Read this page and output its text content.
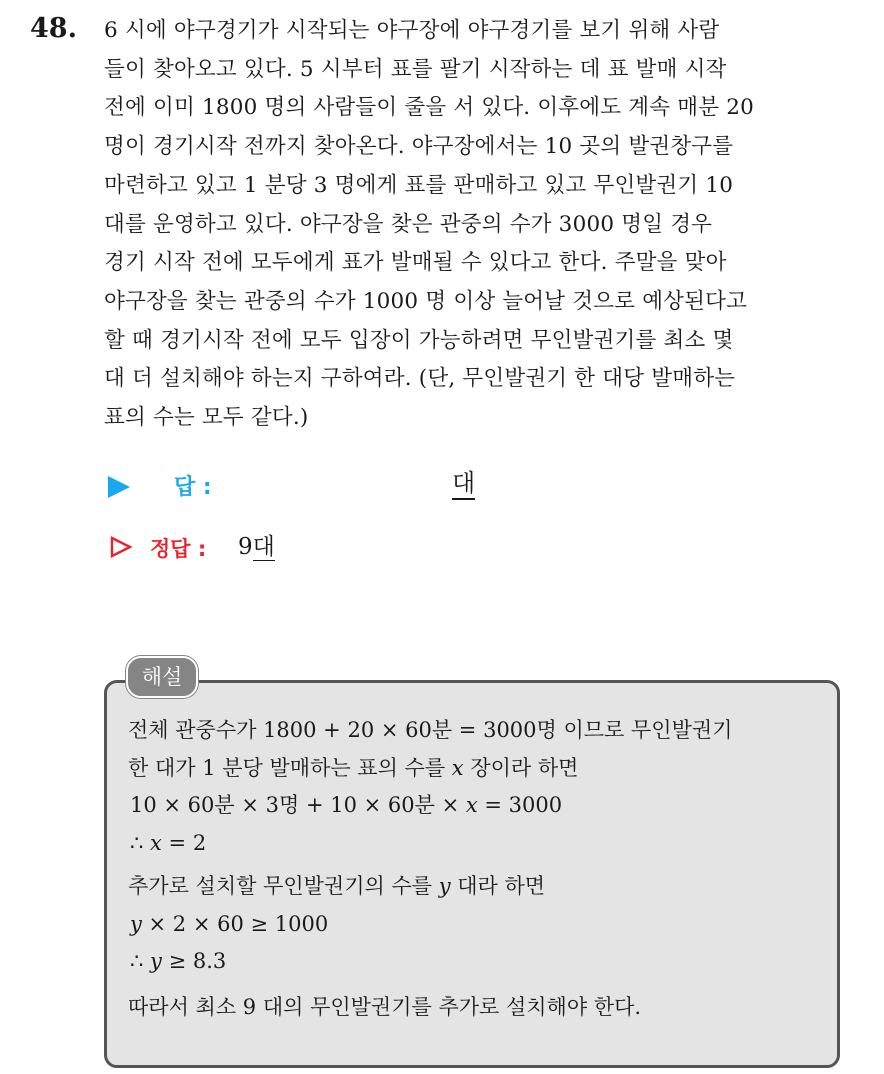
48. 6 시에 야구경기가 시작되는 야구장에 야구경기를 보기 위해 사람
들이 찾아오고 있다. 5 시부터 표를 팔기 시작하는 데 표 발매 시작
전에 이미 1800 명의 사람들이 줄을 서 있다. 이후에도 계속 매분 20
명이 경기시작 전까지 찾아온다. 야구장에서는 10 곳의 발권창구를
마련하고 있고 1 분당 3 명에게 표를 판매하고 있고 무인발권기 10
대를 운영하고 있다. 야구장을 찾은 관중의 수가 3000 명일 경우
경기 시작 전에 모두에게 표가 발매될 수 있다고 한다. 주말을 맞아
야구장을 찾는 관중의 수가 1000 명 이상 늘어날 것으로 예상된다고
할 때 경기시작 전에 모두 입장이 가능하려면 무인발권기를 최소 몇
대 더 설치해야 하는지 구하여라. (단, 무인발권기 한 대당 발매하는
표의 수는 모두 같다.)
답 :	대
정답 : 9대
해설
전체 관중수가 1800 + 20 × 60분 = 3000명 이므로 무인발권기
한 대가 1 분당 발매하는 표의 수를 𝑥 장이라 하면
10 × 60분 × 3명 + 10 × 60분 × 𝑥 = 3000
∴ 𝑥 = 2
추가로 설치할 무인발권기의 수를 𝑦 대라 하면
𝑦 × 2 × 60 ≥ 1000
∴ 𝑦 ≥ 8.3
따라서 최소 9 대의 무인발권기를 추가로 설치해야 한다.
